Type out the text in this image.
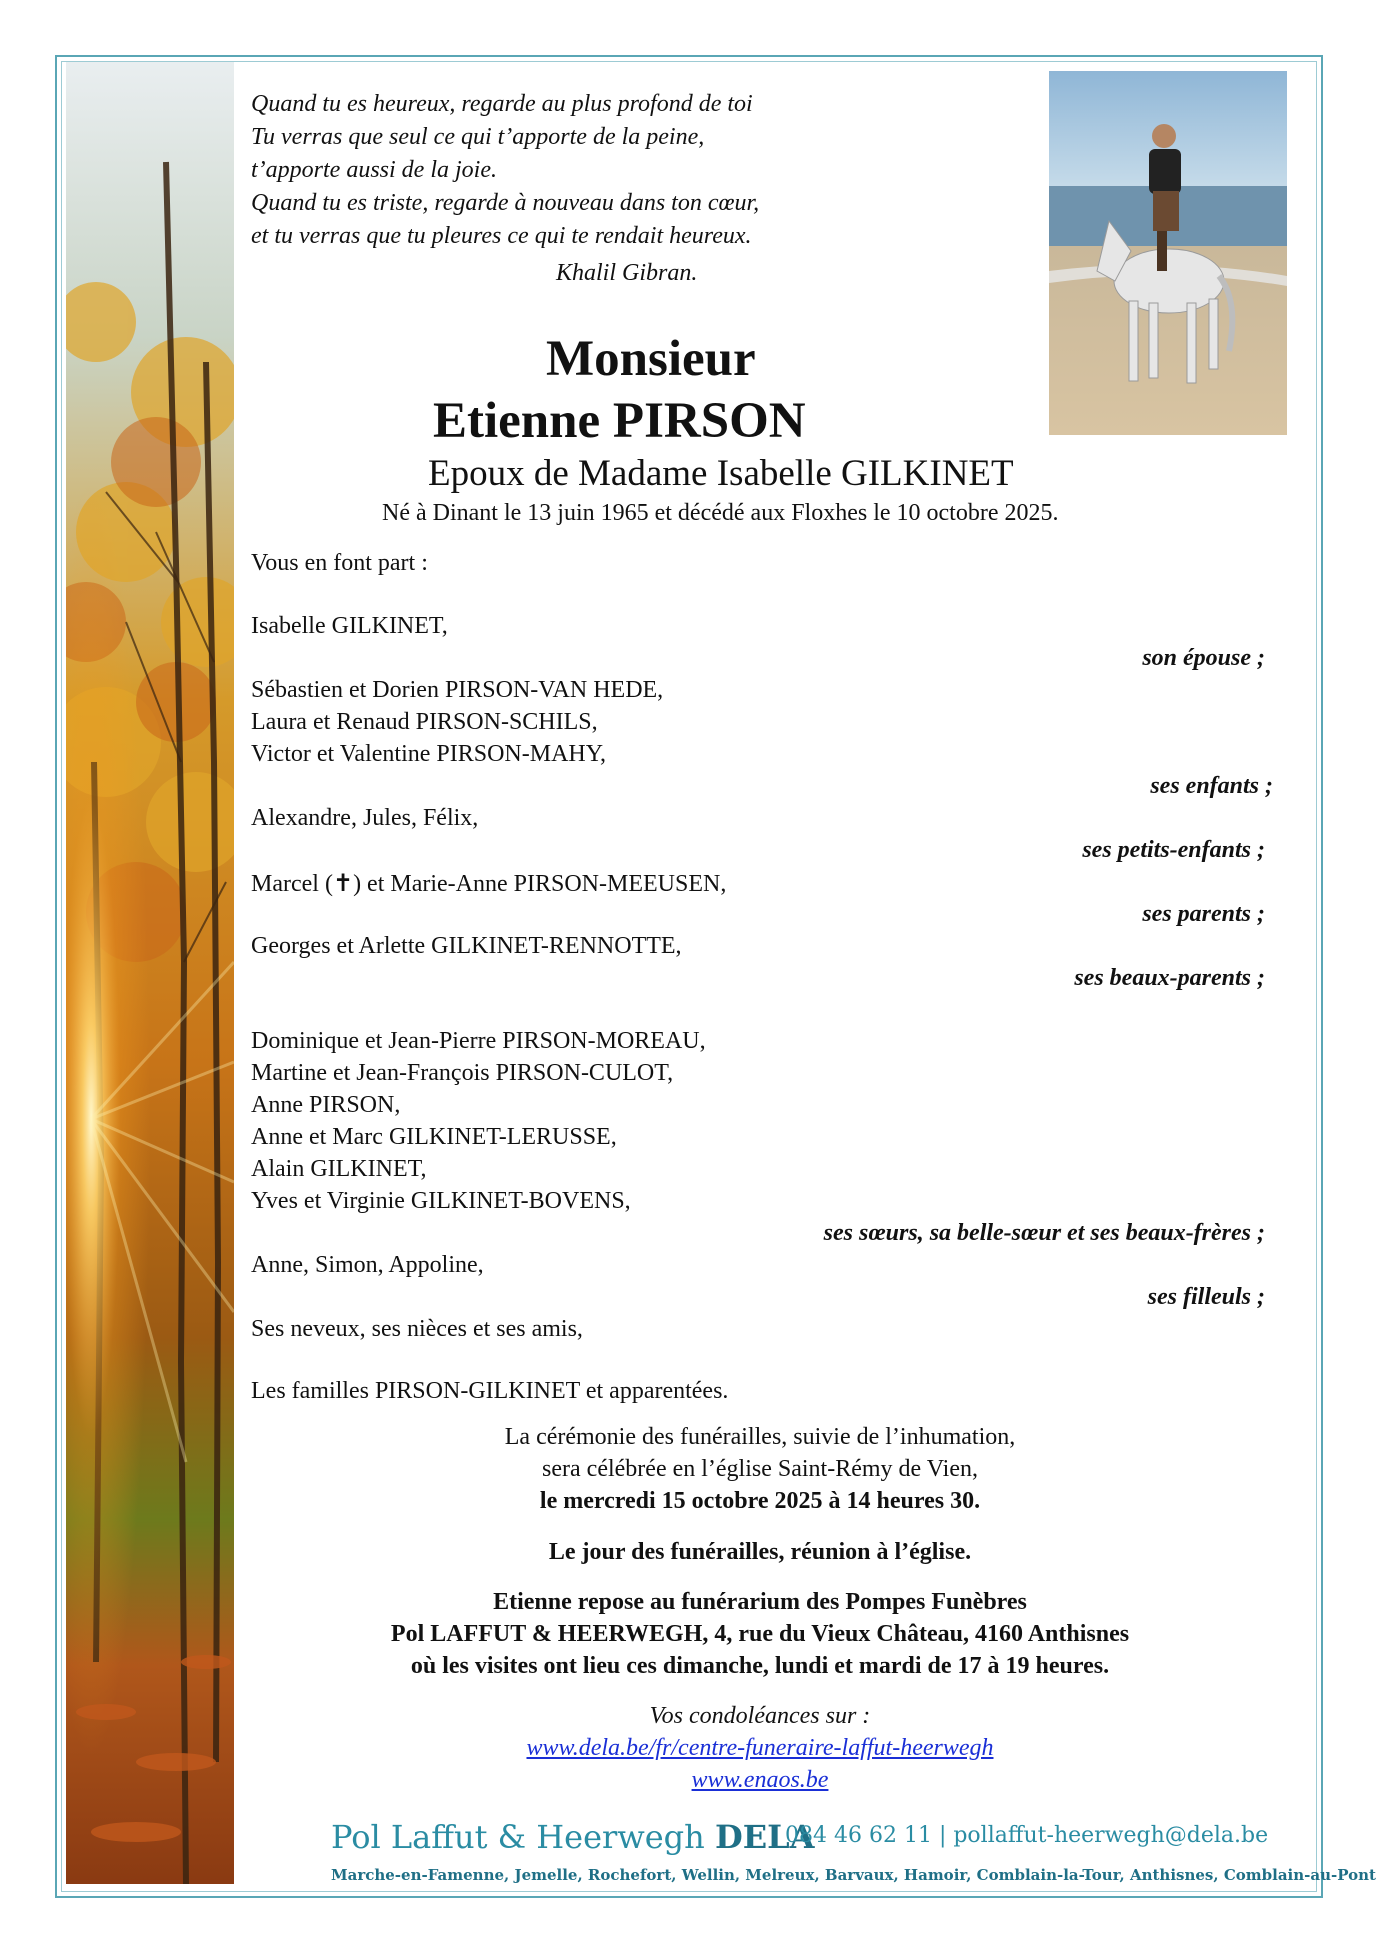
Quand tu es heureux, regarde au plus profond de toi
Tu verras que seul ce qui t’apporte de la peine,
t’apporte aussi de la joie.
Quand tu es triste, regarde à nouveau dans ton cœur,
et tu verras que tu pleures ce qui te rendait heureux.
Khalil Gibran.
Monsieur
Etienne PIRSON
Epoux de Madame Isabelle GILKINET
Né à Dinant le 13 juin 1965 et décédé aux Floxhes le 10 octobre 2025.
Vous en font part :
Isabelle GILKINET,
son épouse ;
Sébastien et Dorien PIRSON-VAN HEDE,
Laura et Renaud PIRSON-SCHILS,
Victor et Valentine PIRSON-MAHY,
ses enfants ;
Alexandre, Jules, Félix,
ses petits-enfants ;
Marcel (✝) et Marie-Anne PIRSON-MEEUSEN,
ses parents ;
Georges et Arlette GILKINET-RENNOTTE,
ses beaux-parents ;
Dominique et Jean-Pierre PIRSON-MOREAU,
Martine et Jean-François PIRSON-CULOT,
Anne PIRSON,
Anne et Marc GILKINET-LERUSSE,
Alain GILKINET,
Yves et Virginie GILKINET-BOVENS,
ses sœurs, sa belle-sœur et ses beaux-frères ;
Anne, Simon, Appoline,
ses filleuls ;
Ses neveux, ses nièces et ses amis,
Les familles PIRSON-GILKINET et apparentées.
La cérémonie des funérailles, suivie de l’inhumation,
sera célébrée en l’église Saint-Rémy de Vien,
le mercredi 15 octobre 2025 à 14 heures 30.
Le jour des funérailles, réunion à l’église.
Etienne repose au funérarium des Pompes Funèbres
Pol LAFFUT & HEERWEGH, 4, rue du Vieux Château, 4160 Anthisnes
où les visites ont lieu ces dimanche, lundi et mardi de 17 à 19 heures.
Vos condoléances sur :
www.dela.be/fr/centre-funeraire-laffut-heerwegh
www.enaos.be
Pol Laffut & Heerwegh DELA
084 46 62 11 | pollaffut-heerwegh@dela.be
Marche-en-Famenne, Jemelle, Rochefort, Wellin, Melreux, Barvaux, Hamoir, Comblain-la-Tour, Anthisnes, Comblain-au-Pont
